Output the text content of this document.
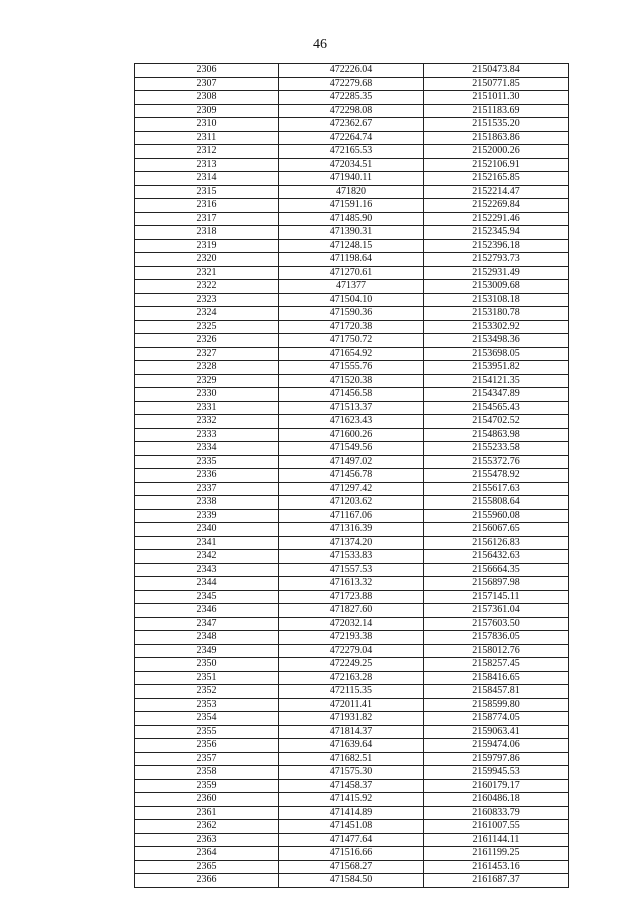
46
2306	472226.04	2150473.84
2307	472279.68	2150771.85
2308	472285.35	2151011.30
2309	472298.08	2151183.69
2310	472362.67	2151535.20
2311	472264.74	2151863.86
2312	472165.53	2152000.26
2313	472034.51	2152106.91
2314	471940.11	2152165.85
2315	471820	2152214.47
2316	471591.16	2152269.84
2317	471485.90	2152291.46
2318	471390.31	2152345.94
2319	471248.15	2152396.18
2320	471198.64	2152793.73
2321	471270.61	2152931.49
2322	471377	2153009.68
2323	471504.10	2153108.18
2324	471590.36	2153180.78
2325	471720.38	2153302.92
2326	471750.72	2153498.36
2327	471654.92	2153698.05
2328	471555.76	2153951.82
2329	471520.38	2154121.35
2330	471456.58	2154347.89
2331	471513.37	2154565.43
2332	471623.43	2154702.52
2333	471600.26	2154863.98
2334	471549.56	2155233.58
2335	471497.02	2155372.76
2336	471456.78	2155478.92
2337	471297.42	2155617.63
2338	471203.62	2155808.64
2339	471167.06	2155960.08
2340	471316.39	2156067.65
2341	471374.20	2156126.83
2342	471533.83	2156432.63
2343	471557.53	2156664.35
2344	471613.32	2156897.98
2345	471723.88	2157145.11
2346	471827.60	2157361.04
2347	472032.14	2157603.50
2348	472193.38	2157836.05
2349	472279.04	2158012.76
2350	472249.25	2158257.45
2351	472163.28	2158416.65
2352	472115.35	2158457.81
2353	472011.41	2158599.80
2354	471931.82	2158774.05
2355	471814.37	2159063.41
2356	471639.64	2159474.06
2357	471682.51	2159797.86
2358	471575.30	2159945.53
2359	471458.37	2160179.17
2360	471415.92	2160486.18
2361	471414.89	2160833.79
2362	471451.08	2161007.55
2363	471477.64	2161144.11
2364	471516.66	2161199.25
2365	471568.27	2161453.16
2366	471584.50	2161687.37
